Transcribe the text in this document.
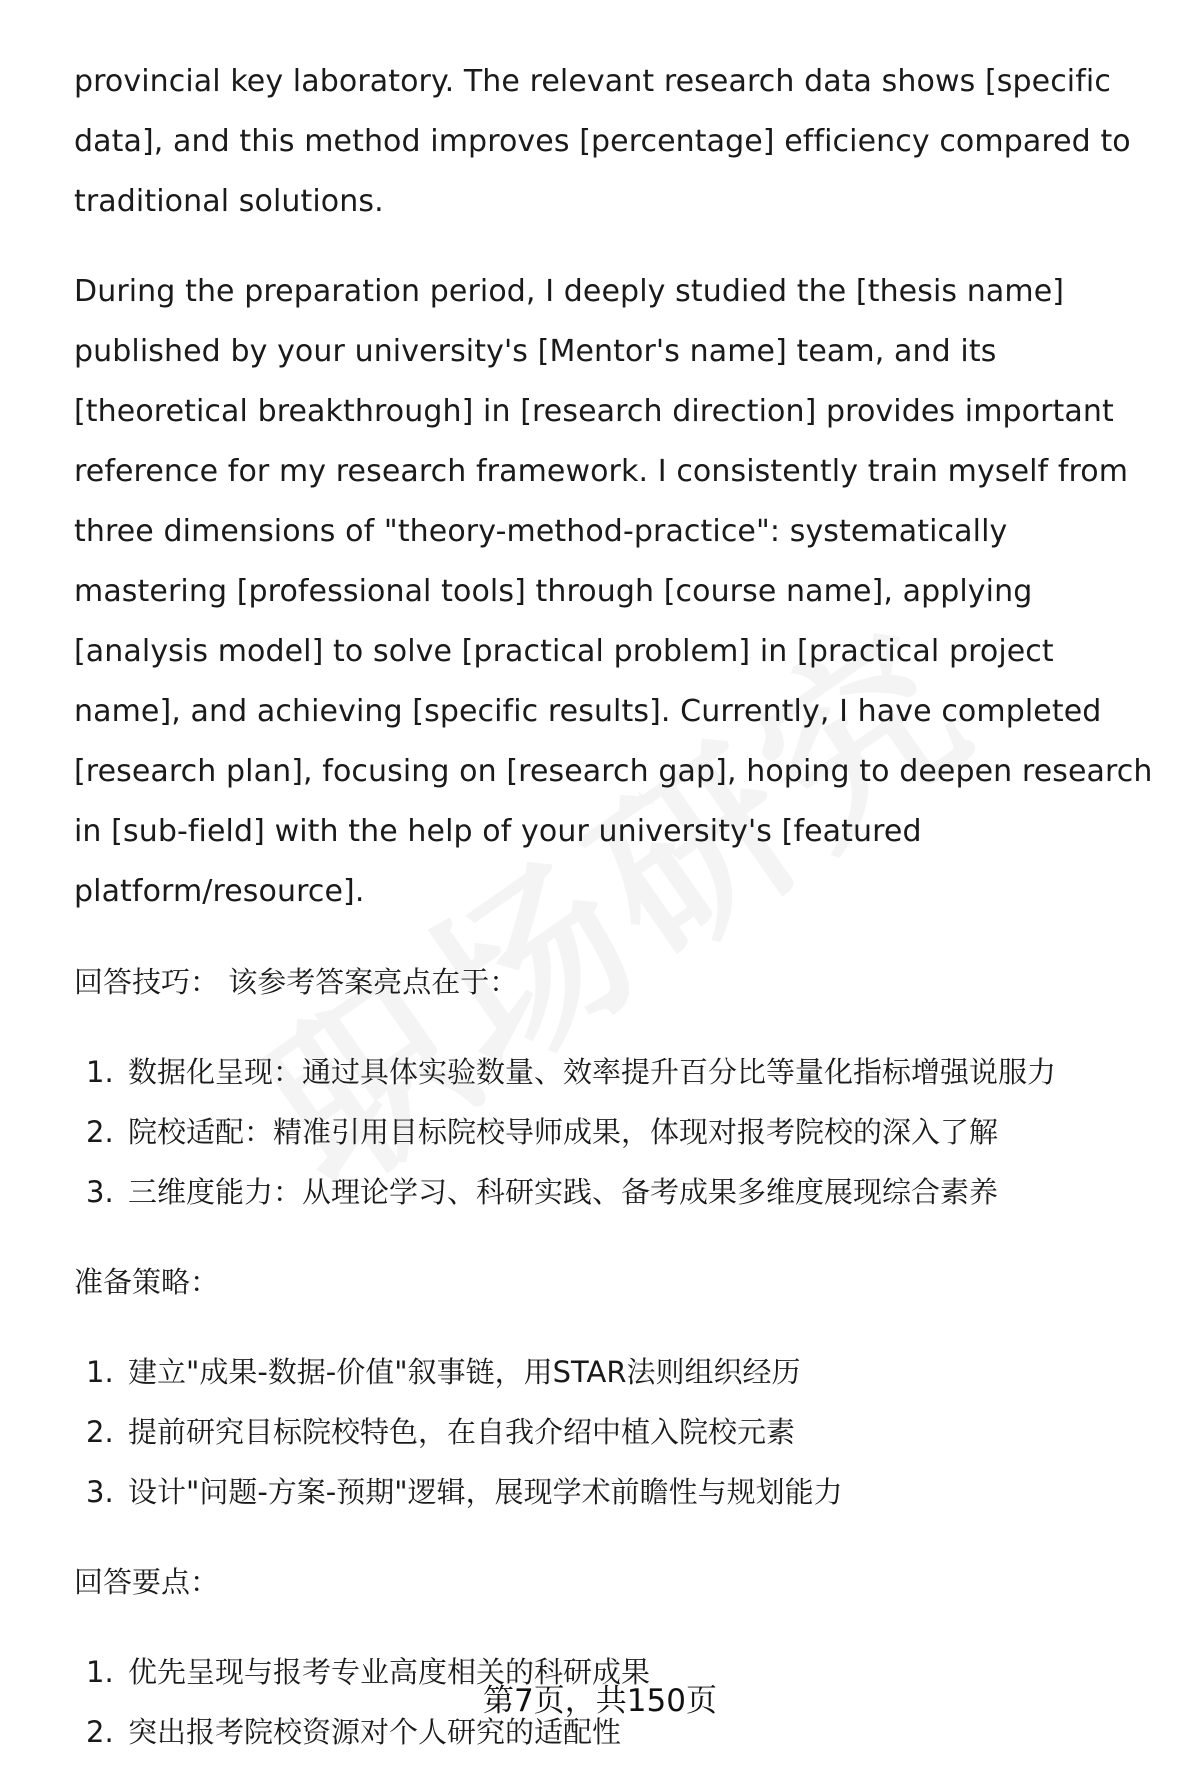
provincial key laboratory. The relevant research data shows [specific data], and this method improves [percentage] efficiency compared to traditional solutions.

During the preparation period, I deeply studied the [thesis name] published by your university's [Mentor's name] team, and its [theoretical breakthrough] in [research direction] provides important reference for my research framework. I consistently train myself from three dimensions of "theory-method-practice": systematically mastering [professional tools] through [course name], applying [analysis model] to solve [practical problem] in [practical project name], and achieving [specific results]. Currently, I have completed [research plan], focusing on [research gap], hoping to deepen research in [sub-field] with the help of your university's [featured platform/resource].

回答技巧： 该参考答案亮点在于：

1. 数据化呈现：通过具体实验数量、效率提升百分比等量化指标增强说服力
2. 院校适配：精准引用目标院校导师成果，体现对报考院校的深入了解
3. 三维度能力：从理论学习、科研实践、备考成果多维度展现综合素养

准备策略：

1. 建立"成果-数据-价值"叙事链，用STAR法则组织经历
2. 提前研究目标院校特色，在自我介绍中植入院校元素
3. 设计"问题-方案-预期"逻辑，展现学术前瞻性与规划能力

回答要点：

1. 优先呈现与报考专业高度相关的科研成果
2. 突出报考院校资源对个人研究的适配性
第7页，共150页
